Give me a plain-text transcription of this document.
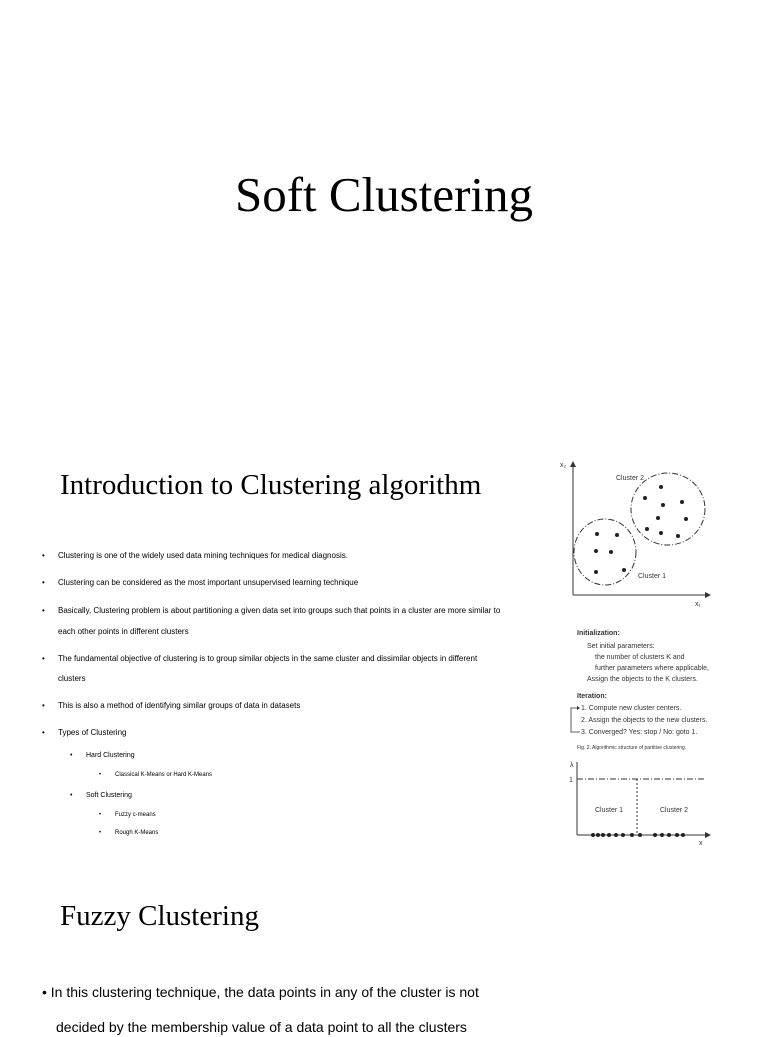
Soft Clustering
Introduction to Clustering algorithm
• Clustering is one of the widely used data mining techniques for medical diagnosis.
• Clustering can be considered as the most important unsupervised learning technique
• Basically, Clustering problem is about partitioning a given data set into groups such that points in a cluster are more similar to
each other points in different clusters
• The fundamental objective of clustering is to group similar objects in the same cluster and dissimilar objects in different
clusters
• This is also a method of identifying similar groups of data in datasets
• Types of Clustering
• Hard Clustering
• Classical K-Means or Hard K-Means
• Soft Clustering
• Fuzzy c-means
• Rough K-Means
x₂
x₁
Cluster 1
Cluster 2
Initialization:
Set initial parameters:
the number of clusters K and
further parameters where applicable,
Assign the objects to the K clusters.
Iteration:
1. Compute new cluster centers.
2. Assign the objects to the new clusters.
3. Converged? Yes: stop / No: goto 1.
Fig. 2. Algorithmic structure of partitive clustering.
λ
1
x
Cluster 1	Cluster 2
Fuzzy Clustering
• In this clustering technique, the data points in any of the cluster is not
decided by the membership value of a data point to all the clusters
